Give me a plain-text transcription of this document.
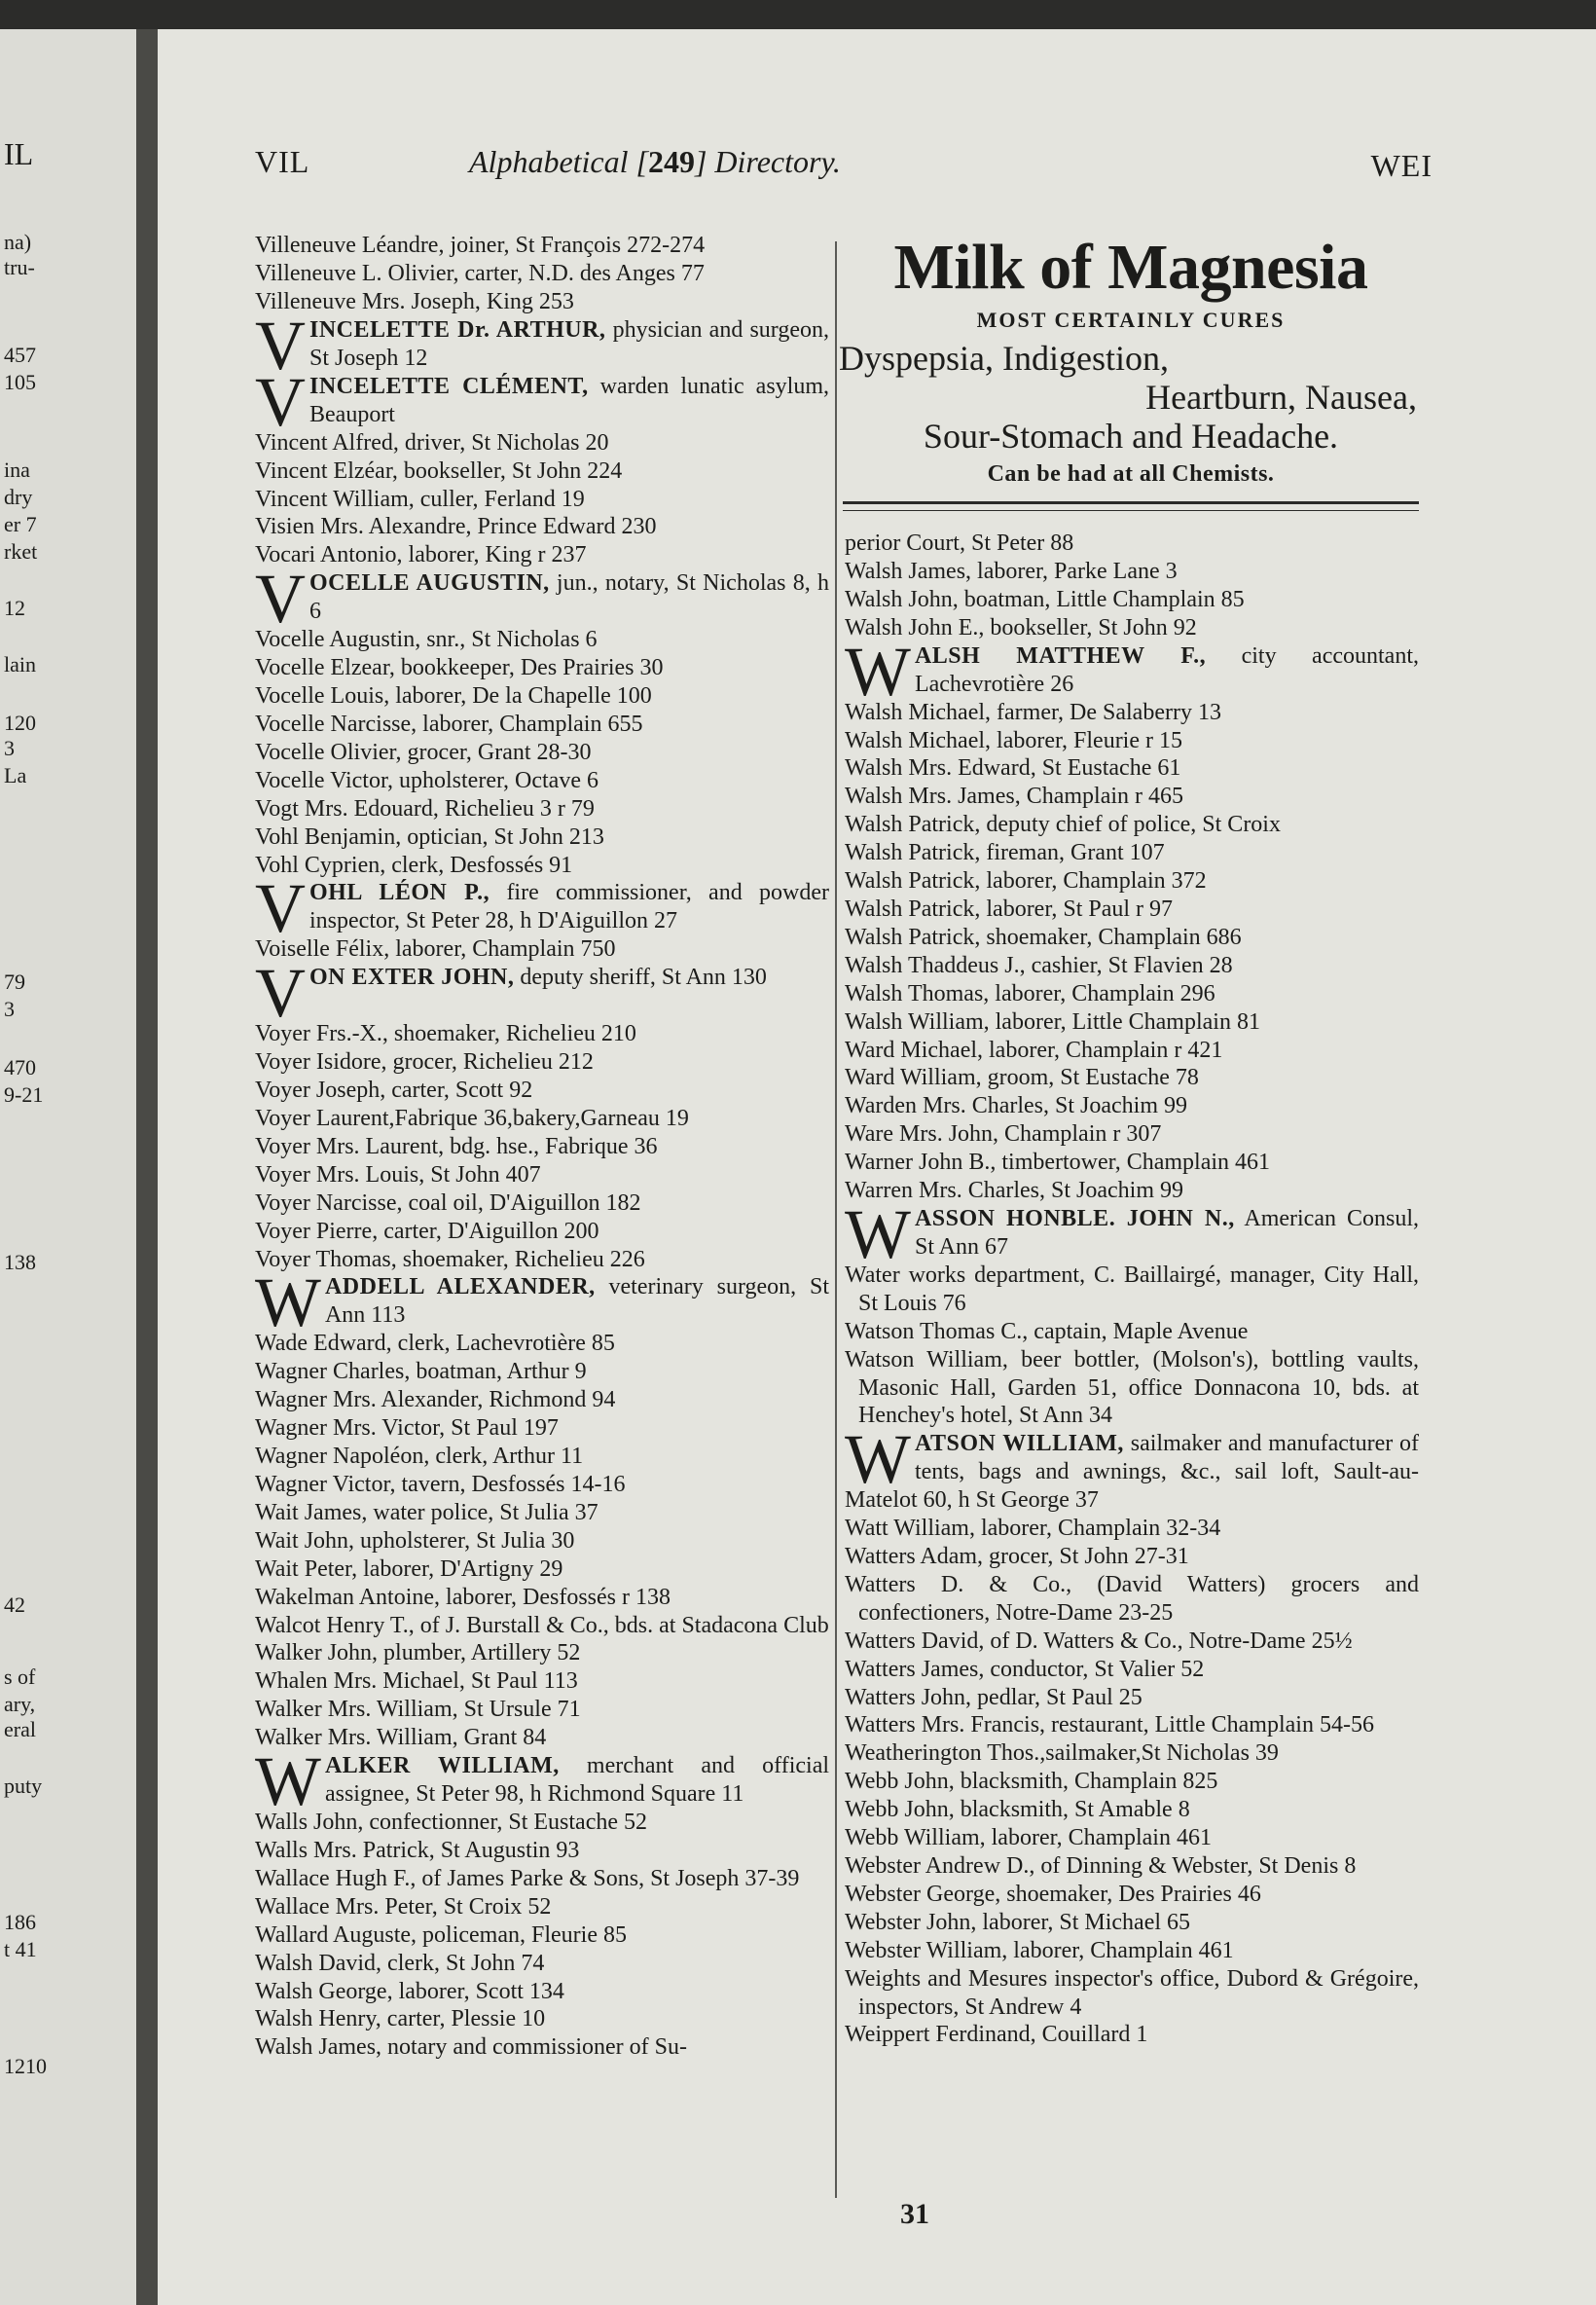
IL
na)
tru-
457
105
ina
dry
er 7
rket
12
lain
120
3
La
79
3
470
9-21
138
42
s of
ary,
eral
puty
186
t 41
1210
VIL	Alphabetical [249] Directory.	WEI
Villeneuve Léandre, joiner, St François 272-274
Villeneuve L. Olivier, carter, N.D. des Anges 77
Villeneuve Mrs. Joseph, King 253
VINCELETTE Dr. ARTHUR, physician and surgeon, St Joseph 12
VINCELETTE CLÉMENT, warden lunatic asylum, Beauport
Vincent Alfred, driver, St Nicholas 20
Vincent Elzéar, bookseller, St John 224
Vincent William, culler, Ferland 19
Visien Mrs. Alexandre, Prince Edward 230
Vocari Antonio, laborer, King r 237
VOCELLE AUGUSTIN, jun., notary, St Nicholas 8, h 6
Vocelle Augustin, snr., St Nicholas 6
Vocelle Elzear, bookkeeper, Des Prairies 30
Vocelle Louis, laborer, De la Chapelle 100
Vocelle Narcisse, laborer, Champlain 655
Vocelle Olivier, grocer, Grant 28-30
Vocelle Victor, upholsterer, Octave 6
Vogt Mrs. Edouard, Richelieu 3 r 79
Vohl Benjamin, optician, St John 213
Vohl Cyprien, clerk, Desfossés 91
VOHL LÉON P., fire commissioner, and powder inspector, St Peter 28, h D'Aiguillon 27
Voiselle Félix, laborer, Champlain 750
VON EXTER JOHN, deputy sheriff, St Ann 130
Voyer Frs.-X., shoemaker, Richelieu 210
Voyer Isidore, grocer, Richelieu 212
Voyer Joseph, carter, Scott 92
Voyer Laurent,Fabrique 36,bakery,Garneau 19
Voyer Mrs. Laurent, bdg. hse., Fabrique 36
Voyer Mrs. Louis, St John 407
Voyer Narcisse, coal oil, D'Aiguillon 182
Voyer Pierre, carter, D'Aiguillon 200
Voyer Thomas, shoemaker, Richelieu 226
WADDELL ALEXANDER, veterinary surgeon, St Ann 113
Wade Edward, clerk, Lachevrotière 85
Wagner Charles, boatman, Arthur 9
Wagner Mrs. Alexander, Richmond 94
Wagner Mrs. Victor, St Paul 197
Wagner Napoléon, clerk, Arthur 11
Wagner Victor, tavern, Desfossés 14-16
Wait James, water police, St Julia 37
Wait John, upholsterer, St Julia 30
Wait Peter, laborer, D'Artigny 29
Wakelman Antoine, laborer, Desfossés r 138
Walcot Henry T., of J. Burstall & Co., bds. at Stadacona Club
Walker John, plumber, Artillery 52
Whalen Mrs. Michael, St Paul 113
Walker Mrs. William, St Ursule 71
Walker Mrs. William, Grant 84
WALKER WILLIAM, merchant and official assignee, St Peter 98, h Richmond Square 11
Walls John, confectionner, St Eustache 52
Walls Mrs. Patrick, St Augustin 93
Wallace Hugh F., of James Parke & Sons, St Joseph 37-39
Wallace Mrs. Peter, St Croix 52
Wallard Auguste, policeman, Fleurie 85
Walsh David, clerk, St John 74
Walsh George, laborer, Scott 134
Walsh Henry, carter, Plessie 10
Walsh James, notary and commissioner of Su-
Milk of Magnesia
MOST CERTAINLY CURES
Dyspepsia, Indigestion,
Heartburn, Nausea,
Sour-Stomach and Headache.
Can be had at all Chemists.
perior Court, St Peter 88
Walsh James, laborer, Parke Lane 3
Walsh John, boatman, Little Champlain 85
Walsh John E., bookseller, St John 92
WALSH MATTHEW F., city accountant, Lachevrotière 26
Walsh Michael, farmer, De Salaberry 13
Walsh Michael, laborer, Fleurie r 15
Walsh Mrs. Edward, St Eustache 61
Walsh Mrs. James, Champlain r 465
Walsh Patrick, deputy chief of police, St Croix
Walsh Patrick, fireman, Grant 107
Walsh Patrick, laborer, Champlain 372
Walsh Patrick, laborer, St Paul r 97
Walsh Patrick, shoemaker, Champlain 686
Walsh Thaddeus J., cashier, St Flavien 28
Walsh Thomas, laborer, Champlain 296
Walsh William, laborer, Little Champlain 81
Ward Michael, laborer, Champlain r 421
Ward William, groom, St Eustache 78
Warden Mrs. Charles, St Joachim 99
Ware Mrs. John, Champlain r 307
Warner John B., timbertower, Champlain 461
Warren Mrs. Charles, St Joachim 99
WASSON HONBLE. JOHN N., American Consul, St Ann 67
Water works department, C. Baillairgé, manager, City Hall, St Louis 76
Watson Thomas C., captain, Maple Avenue
Watson William, beer bottler, (Molson's), bottling vaults, Masonic Hall, Garden 51, office Donnacona 10, bds. at Henchey's hotel, St Ann 34
WATSON WILLIAM, sailmaker and manufacturer of tents, bags and awnings, &c., sail loft, Sault-au-Matelot 60, h St George 37
Watt William, laborer, Champlain 32-34
Watters Adam, grocer, St John 27-31
Watters D. & Co., (David Watters) grocers and confectioners, Notre-Dame 23-25
Watters David, of D. Watters & Co., Notre-Dame 25½
Watters James, conductor, St Valier 52
Watters John, pedlar, St Paul 25
Watters Mrs. Francis, restaurant, Little Champlain 54-56
Weatherington Thos.,sailmaker,St Nicholas 39
Webb John, blacksmith, Champlain 825
Webb John, blacksmith, St Amable 8
Webb William, laborer, Champlain 461
Webster Andrew D., of Dinning & Webster, St Denis 8
Webster George, shoemaker, Des Prairies 46
Webster John, laborer, St Michael 65
Webster William, laborer, Champlain 461
Weights and Mesures inspector's office, Dubord & Grégoire, inspectors, St Andrew 4
Weippert Ferdinand, Couillard 1
31
